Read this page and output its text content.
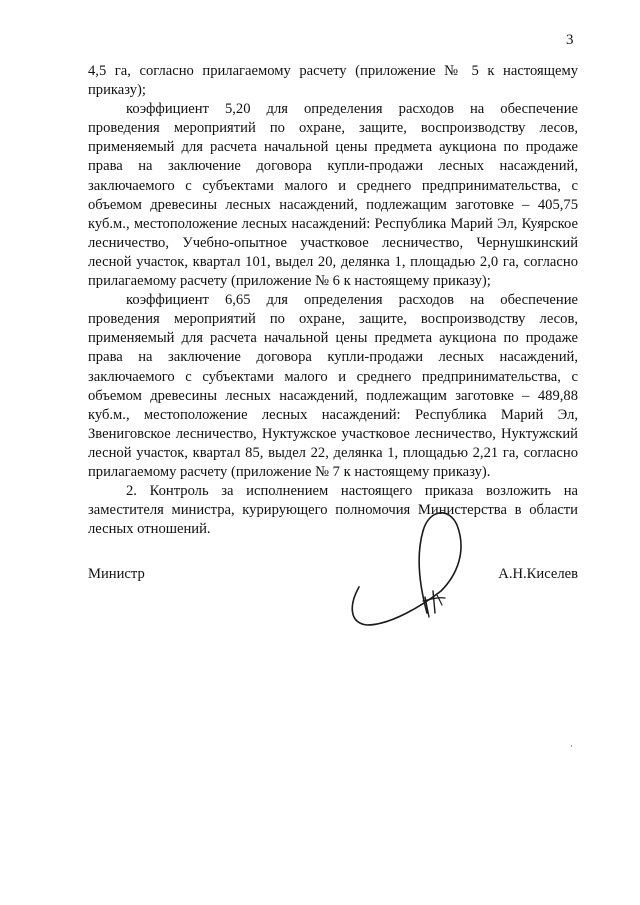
3

4,5 га, согласно прилагаемому расчету (приложение № 5 к настоящему приказу);

коэффициент 5,20 для определения расходов на обеспечение проведения мероприятий по охране, защите, воспроизводству лесов, применяемый для расчета начальной цены предмета аукциона по продаже права на заключение договора купли-продажи лесных насаждений, заключаемого с субъектами малого и среднего предпринимательства, с объемом древесины лесных насаждений, подлежащим заготовке – 405,75 куб.м., местоположение лесных насаждений: Республика Марий Эл, Куярское лесничество, Учебно-опытное участковое лесничество, Чернушкинский лесной участок, квартал 101, выдел 20, делянка 1, площадью 2,0 га, согласно прилагаемому расчету (приложение № 6 к настоящему приказу);

коэффициент 6,65 для определения расходов на обеспечение проведения мероприятий по охране, защите, воспроизводству лесов, применяемый для расчета начальной цены предмета аукциона по продаже права на заключение договора купли-продажи лесных насаждений, заключаемого с субъектами малого и среднего предпринимательства, с объемом древесины лесных насаждений, подлежащим заготовке – 489,88 куб.м., местоположение лесных насаждений: Республика Марий Эл, Звениговское лесничество, Нуктужское участковое лесничество, Нуктужский лесной участок, квартал 85, выдел 22, делянка 1, площадью 2,21 га, согласно прилагаемому расчету (приложение № 7 к настоящему приказу).

2. Контроль за исполнением настоящего приказа возложить на заместителя министра, курирующего полномочия Министерства в области лесных отношений.

Министр	А.Н.Киселев
